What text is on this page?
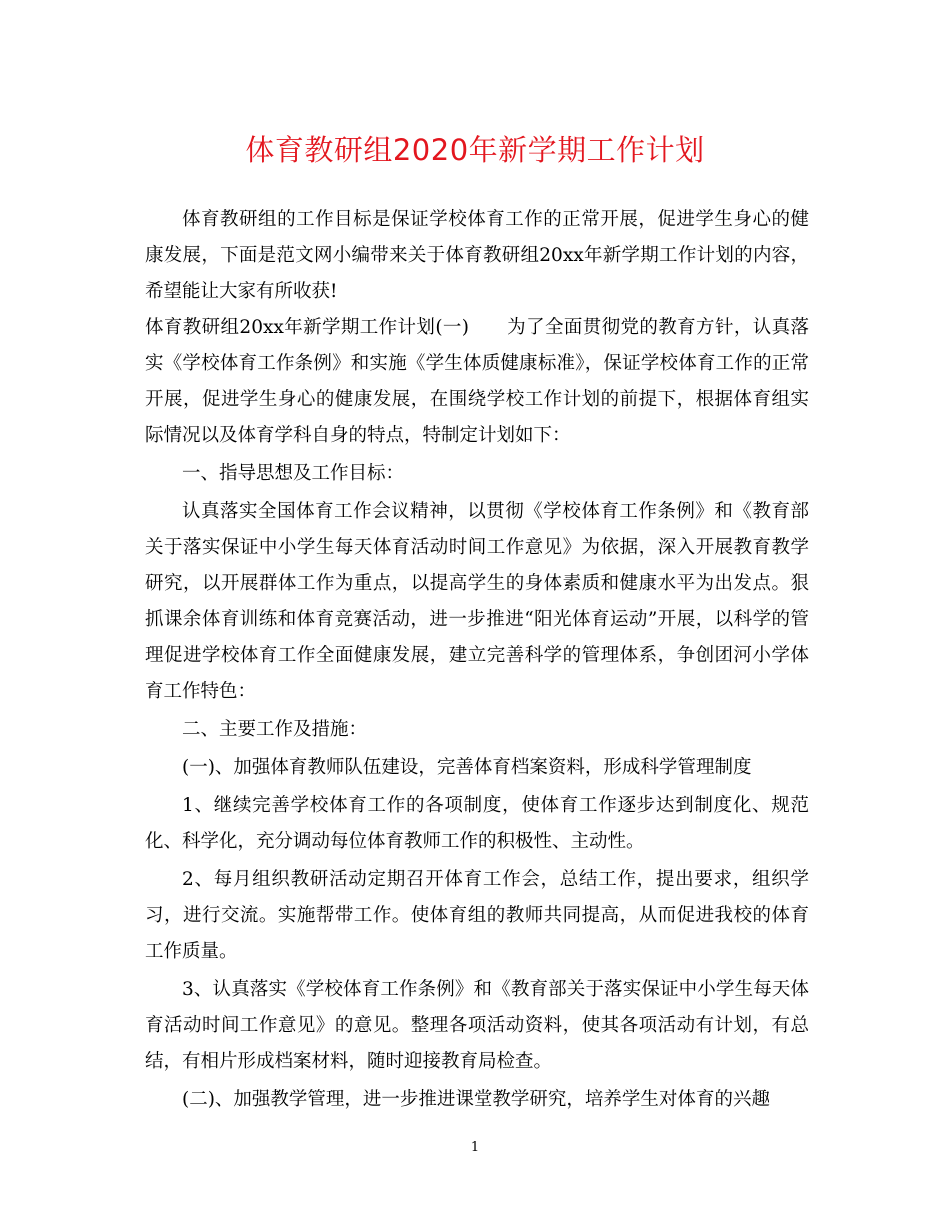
体育教研组2020年新学期工作计划

体育教研组的工作目标是保证学校体育工作的正常开展，促进学生身心的健康发展，下面是范文网小编带来关于体育教研组20xx年新学期工作计划的内容，希望能让大家有所收获!

体育教研组20xx年新学期工作计划(一)　　为了全面贯彻党的教育方针，认真落实《学校体育工作条例》和实施《学生体质健康标准》，保证学校体育工作的正常开展，促进学生身心的健康发展，在围绕学校工作计划的前提下，根据体育组实际情况以及体育学科自身的特点，特制定计划如下：

一、指导思想及工作目标：

认真落实全国体育工作会议精神，以贯彻《学校体育工作条例》和《教育部关于落实保证中小学生每天体育活动时间工作意见》为依据，深入开展教育教学研究，以开展群体工作为重点，以提高学生的身体素质和健康水平为出发点。狠抓课余体育训练和体育竞赛活动，进一步推进“阳光体育运动”开展，以科学的管理促进学校体育工作全面健康发展，建立完善科学的管理体系，争创团河小学体育工作特色：

二、主要工作及措施：

(一)、加强体育教师队伍建设，完善体育档案资料，形成科学管理制度

1、继续完善学校体育工作的各项制度，使体育工作逐步达到制度化、规范化、科学化，充分调动每位体育教师工作的积极性、主动性。

2、每月组织教研活动定期召开体育工作会，总结工作，提出要求，组织学习，进行交流。实施帮带工作。使体育组的教师共同提高，从而促进我校的体育工作质量。

3、认真落实《学校体育工作条例》和《教育部关于落实保证中小学生每天体育活动时间工作意见》的意见。整理各项活动资料，使其各项活动有计划，有总结，有相片形成档案材料，随时迎接教育局检查。

(二)、加强教学管理，进一步推进课堂教学研究，培养学生对体育的兴趣

1
